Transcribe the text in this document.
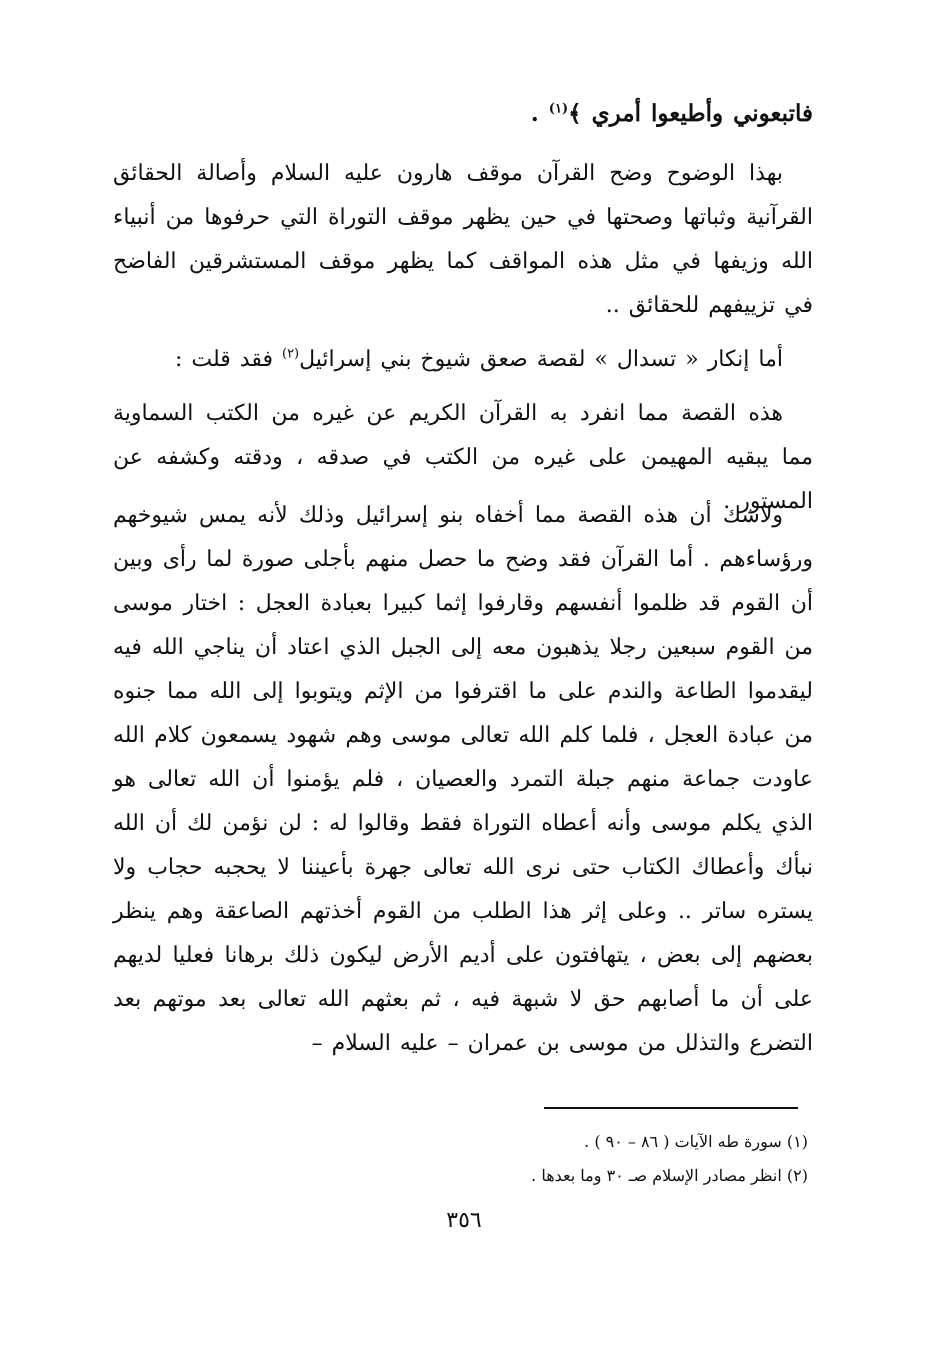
فاتبعوني وأطيعوا أمري ﴾$^{(١)}$ .
بهذا الوضوح وضح القرآن موقف هارون عليه السلام وأصالة الحقائق القرآنية وثباتها وصحتها في حين يظهر موقف التوراة التي حرفوها من أنبياء الله وزيفها في مثل هذه المواقف كما يظهر موقف المستشرقين الفاضح في تزييفهم للحقائق ..
أما إنكار « تسدال » لقصة صعق شيوخ بني إسرائيل$^{(٢)}$ فقد قلت :
هذه القصة مما انفرد به القرآن الكريم عن غيره من الكتب السماوية مما يبقيه المهيمن على غيره من الكتب في صدقه ، ودقته وكشفه عن المستور .
ولاشك أن هذه القصة مما أخفاه بنو إسرائيل وذلك لأنه يمس شيوخهم ورؤساءهم . أما القرآن فقد وضح ما حصل منهم بأجلى صورة لما رأى وبين أن القوم قد ظلموا أنفسهم وقارفوا إثما كبيرا بعبادة العجل : اختار موسى من القوم سبعين رجلا يذهبون معه إلى الجبل الذي اعتاد أن يناجي الله فيه ليقدموا الطاعة والندم على ما اقترفوا من الإثم ويتوبوا إلى الله مما جنوه من عبادة العجل ، فلما كلم الله تعالى موسى وهم شهود يسمعون كلام الله عاودت جماعة منهم جبلة التمرد والعصيان ، فلم يؤمنوا أن الله تعالى هو الذي يكلم موسى وأنه أعطاه التوراة فقط وقالوا له : لن نؤمن لك أن الله نبأك وأعطاك الكتاب حتى نرى الله تعالى جهرة بأعيننا لا يحجبه حجاب ولا يستره ساتر .. وعلى إثر هذا الطلب من القوم أخذتهم الصاعقة وهم ينظر بعضهم إلى بعض ، يتهافتون على أديم الأرض ليكون ذلك برهانا فعليا لديهم على أن ما أصابهم حق لا شبهة فيه ، ثم بعثهم الله تعالى بعد موتهم بعد التضرع والتذلل من موسى بن عمران – عليه السلام –
(١) سورة طه الآيات ( ٨٦ – ٩٠ ) .
(٢) انظر مصادر الإسلام صـ ٣٠ وما بعدها .
٣٥٦
